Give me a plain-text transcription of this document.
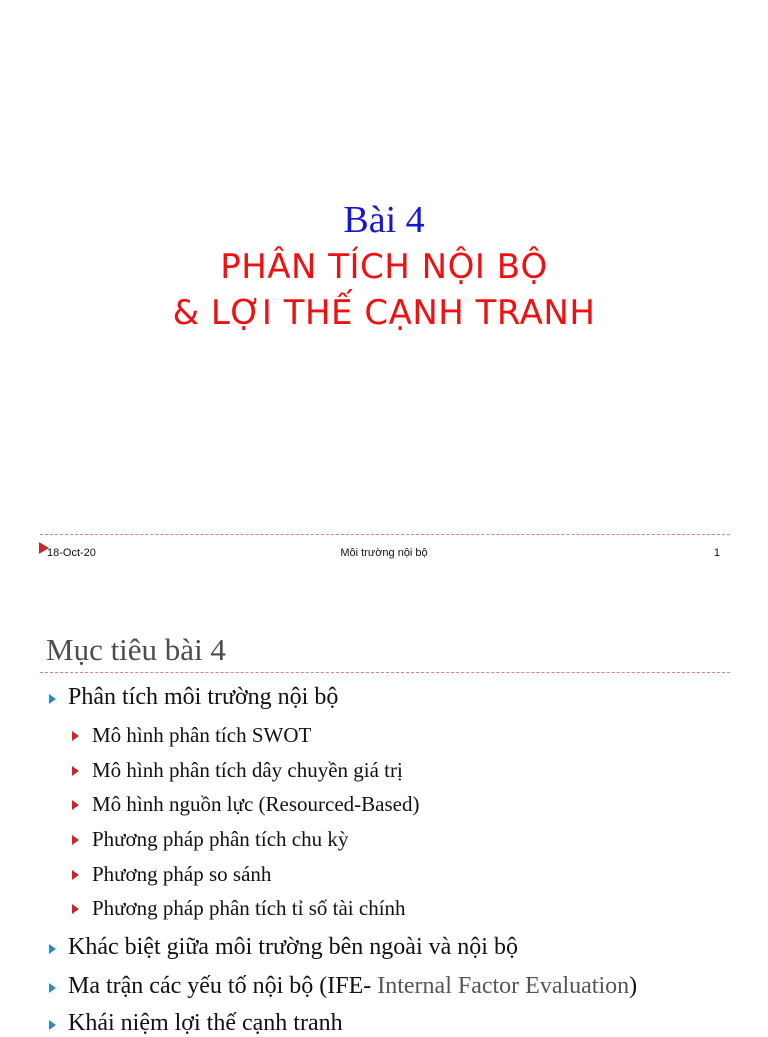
Bài 4
PHÂN TÍCH NỘI BỘ
& LỢI THẾ CẠNH TRANH
18-Oct-20	Môi trường nội bộ	1
Mục tiêu bài 4
Phân tích môi trường nội bộ
Mô hình phân tích SWOT
Mô hình phân tích dây chuyền giá trị
Mô hình nguồn lực (Resourced-Based)
Phương pháp phân tích chu kỳ
Phương pháp so sánh
Phương pháp phân tích tỉ số tài chính
Khác biệt giữa môi trường bên ngoài và nội bộ
Ma trận các yếu tố nội bộ (IFE- Internal Factor Evaluation)
Khái niệm lợi thế cạnh tranh
